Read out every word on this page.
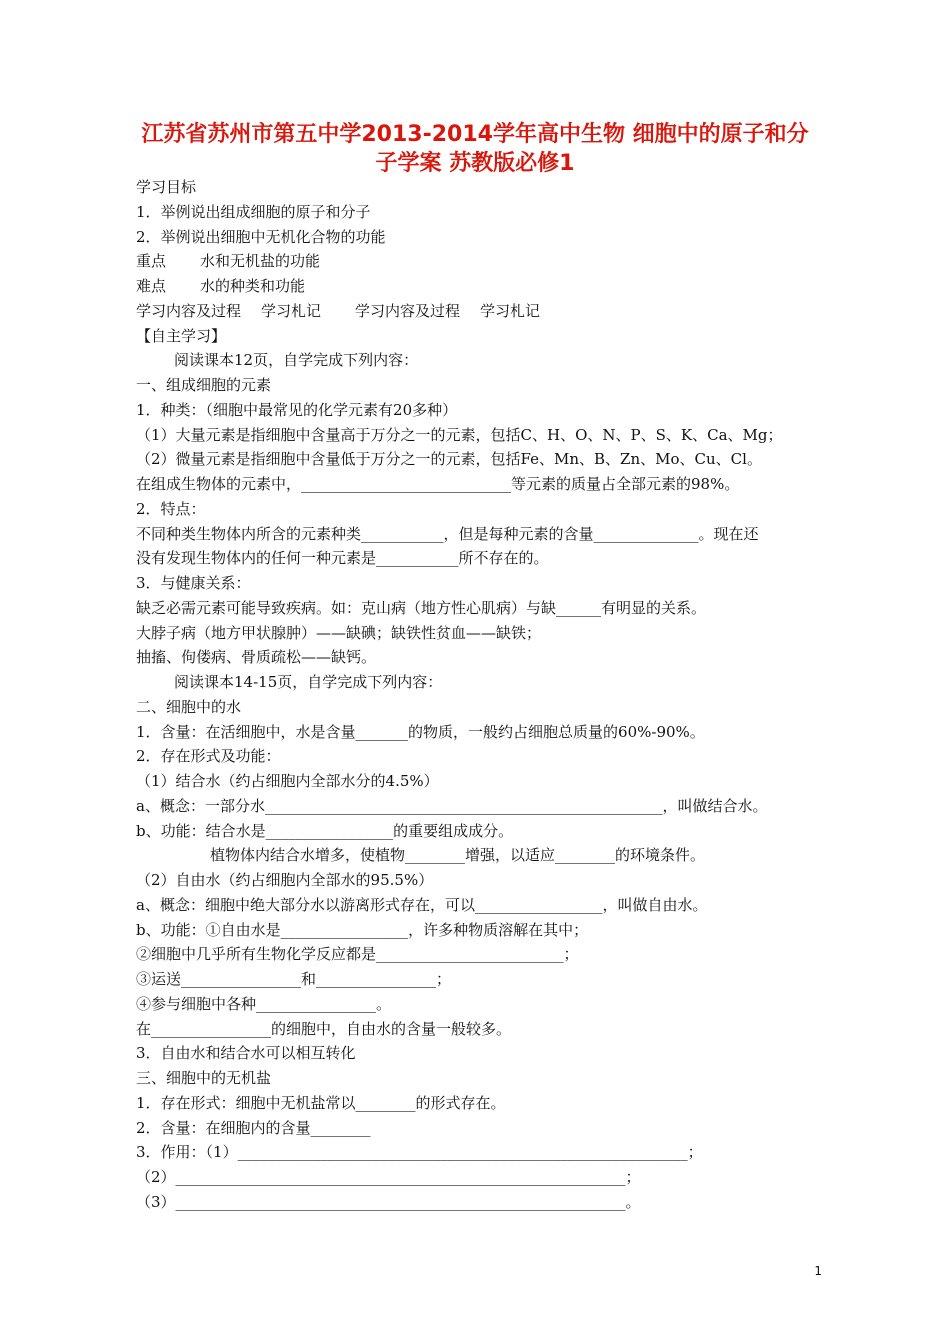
江苏省苏州市第五中学2013-2014学年高中生物 细胞中的原子和分
子学案 苏教版必修1
学习目标
1．举例说出组成细胞的原子和分子
2．举例说出细胞中无机化合物的功能
重点 水和无机盐的功能
难点 水的种类和功能
学习内容及过程 学习札记 学习内容及过程 学习札记
【自主学习】
阅读课本12页，自学完成下列内容：
一、组成细胞的元素
1．种类：（细胞中最常见的化学元素有20多种）
（1）大量元素是指细胞中含量高于万分之一的元素，包括C、H、O、N、P、S、K、Ca、Mg；
（2）微量元素是指细胞中含量低于万分之一的元素，包括Fe、Mn、B、Zn、Mo、Cu、Cl。
在组成生物体的元素中，____________________________等元素的质量占全部元素的98%。
2．特点：
不同种类生物体内所含的元素种类___________，但是每种元素的含量______________。现在还
没有发现生物体内的任何一种元素是___________所不存在的。
3．与健康关系：
缺乏必需元素可能导致疾病。如：克山病（地方性心肌病）与缺______有明显的关系。
大脖子病（地方甲状腺肿）——缺碘；缺铁性贫血——缺铁；
抽搐、佝偻病、骨质疏松——缺钙。
阅读课本14-15页，自学完成下列内容：
二、细胞中的水
1．含量：在活细胞中，水是含量_______的物质，一般约占细胞总质量的60%-90%。
2．存在形式及功能：
（1）结合水（约占细胞内全部水分的4.5%）
a、概念：一部分水_____________________________________________________，叫做结合水。
b、功能：结合水是_________________的重要组成成分。
植物体内结合水增多，使植物________增强，以适应________的环境条件。
（2）自由水（约占细胞内全部水的95.5%）
a、概念：细胞中绝大部分水以游离形式存在，可以_________________，叫做自由水。
b、功能：①自由水是_________________，许多种物质溶解在其中；
②细胞中几乎所有生物化学反应都是_________________________；
③运送________________和________________；
④参与细胞中各种________________。
在________________的细胞中，自由水的含量一般较多。
3．自由水和结合水可以相互转化
三、细胞中的无机盐
1．存在形式：细胞中无机盐常以________的形式存在。
2．含量：在细胞内的含量________
3．作用：（1）____________________________________________________________；
（2）____________________________________________________________；
（3）____________________________________________________________。
1
